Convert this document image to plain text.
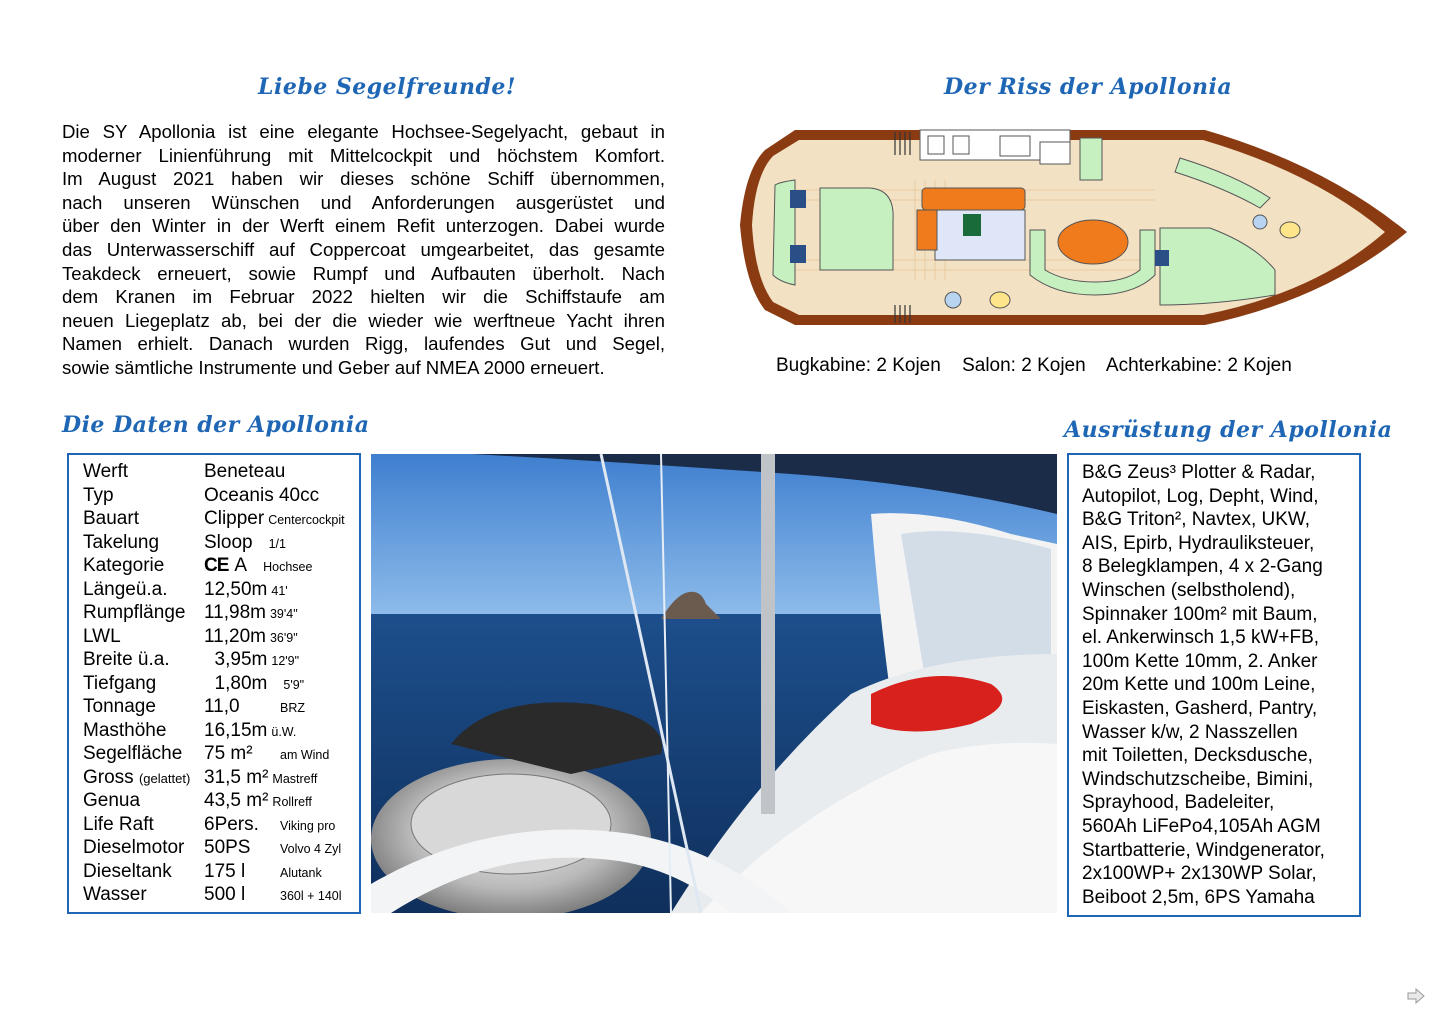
Liebe Segelfreunde!	Der Riss der Apollonia
Die Daten der Apollonia	Ausrüstung der Apollonia
Die SY Apollonia ist eine elegante Hochsee-Segelyacht, gebaut in
moderner Linienführung mit Mittelcockpit und höchstem Komfort.
Im August 2021 haben wir dieses schöne Schiff übernommen,
nach unseren Wünschen und Anforderungen ausgerüstet und
über den Winter in der Werft einem Refit unterzogen. Dabei wurde
das Unterwasserschiff auf Coppercoat umgearbeitet, das gesamte
Teakdeck erneuert, sowie Rumpf und Aufbauten überholt. Nach
dem Kranen im Februar 2022 hielten wir die Schiffstaufe am
neuen Liegeplatz ab, bei der die wieder wie werftneue Yacht ihren
Namen erhielt. Danach wurden Rigg, laufendes Gut und Segel,
sowie sämtliche Instrumente und Geber auf NMEA 2000 erneuert.	Bugkabine: 2 Kojen Salon: 2 Kojen Achterkabine: 2 Kojen
Werft	Beneteau
Typ	Oceanis 40cc
Bauart	Clipper Centercockpit
Takelung	Sloop 1/1
Kategorie	CE A Hochsee
Längeü.a.	12,50m 41'
Rumpflänge 11,98m 39'4"
LWL	11,20m 36'9"
Breite ü.a.	3,95m 12'9"
Tiefgang	1,80m 5'9"
Tonnage	11,0	BRZ
Masthöhe	16,15m ü.W.
Segelfläche	75 m²	am Wind
Gross (gelattet) 31,5 m² Mastreff
Genua	43,5 m² Rollreff
Life Raft	6Pers.	Viking pro
Dieselmotor	50PS	Volvo 4 Zyl
Dieseltank	175 l	Alutank
Wasser	500 l	360l + 140l
B&G Zeus³ Plotter & Radar,
Autopilot, Log, Depht, Wind,
B&G Triton², Navtex, UKW,
AIS, Epirb, Hydrauliksteuer,
8 Belegklampen, 4 x 2-Gang
Winschen (selbstholend),
Spinnaker 100m² mit Baum,
el. Ankerwinsch 1,5 kW+FB,
100m Kette 10mm, 2. Anker
20m Kette und 100m Leine,
Eiskasten, Gasherd, Pantry,
Wasser k/w, 2 Nasszellen
mit Toiletten, Decksdusche,
Windschutzscheibe, Bimini,
Sprayhood, Badeleiter,
560Ah LiFePo4,105Ah AGM
Startbatterie, Windgenerator,
2x100WP+ 2x130WP Solar,
Beiboot 2,5m, 6PS Yamaha
